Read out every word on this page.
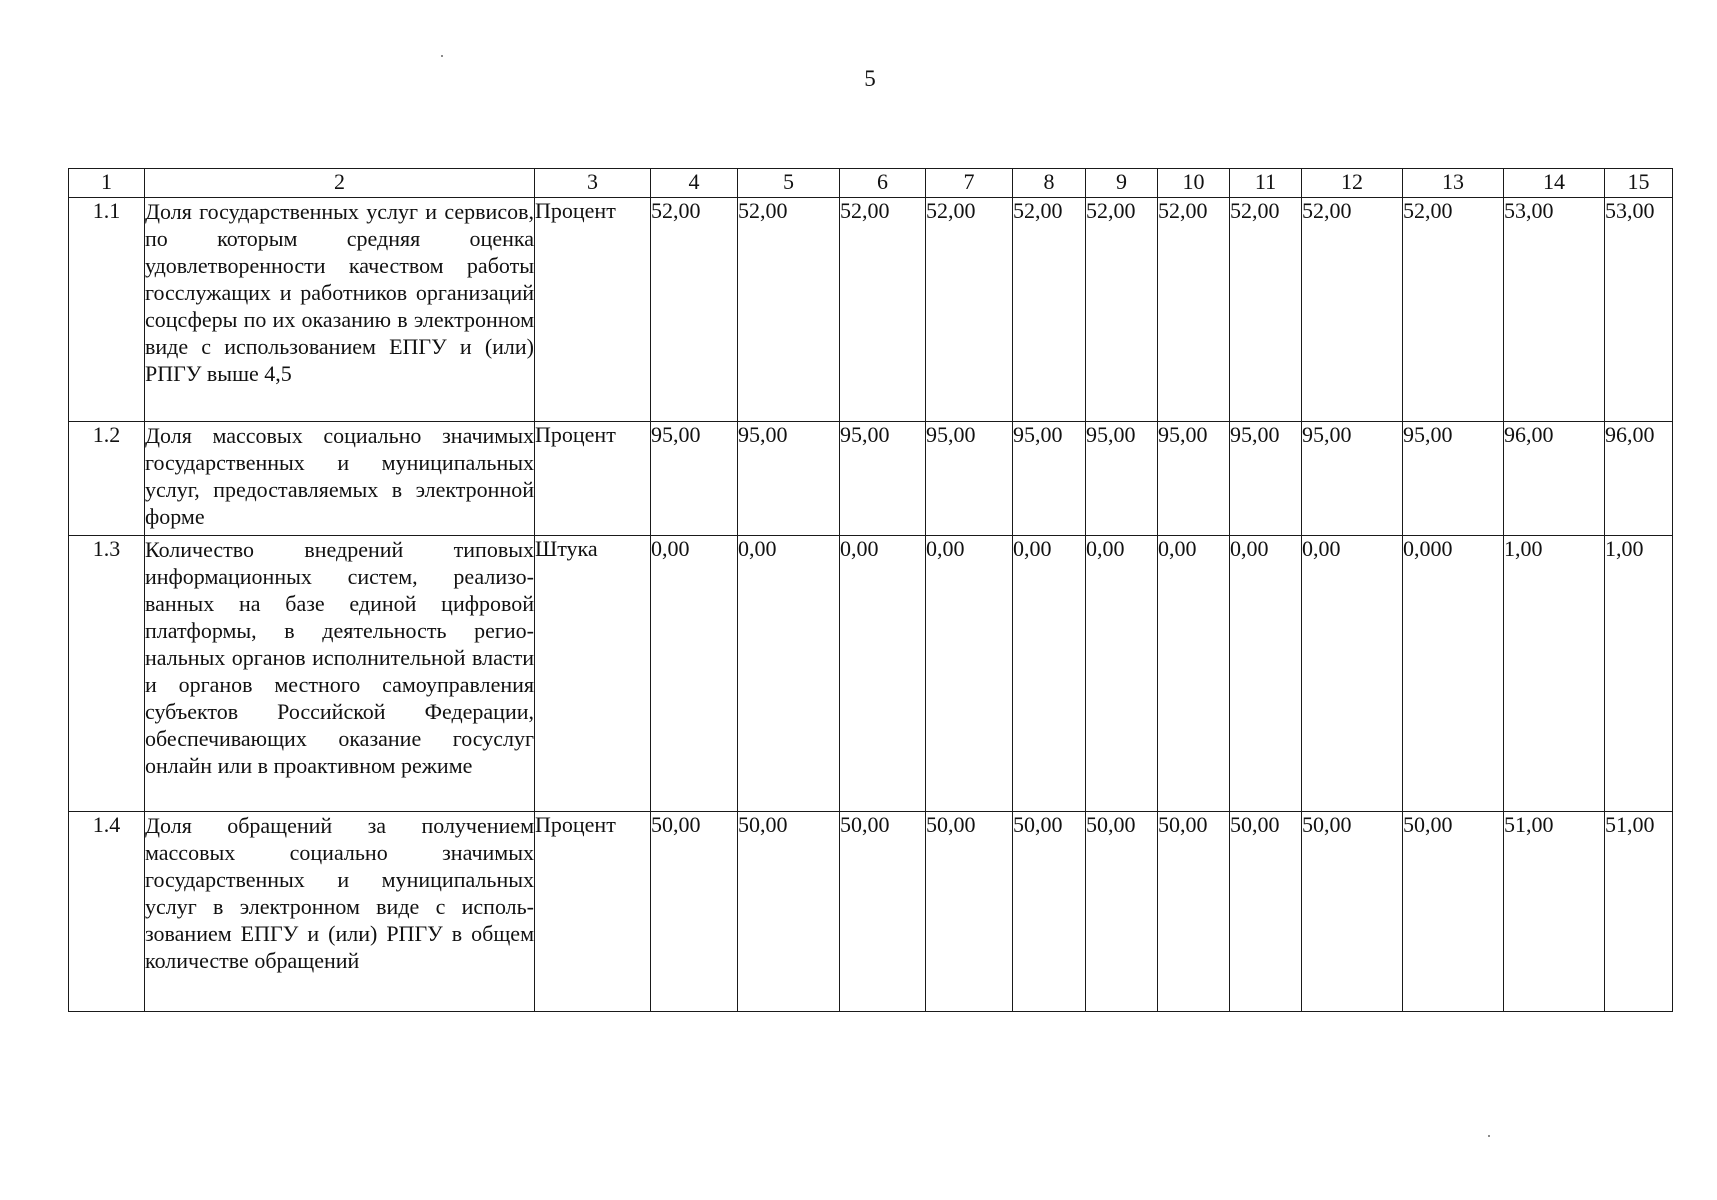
5
1	2	3	4	5	6	7	8	9	10	11	12	13	14	15
1.1	Доля государственных услуг и сервисов, по которым средняя оценка удовлетворенности качеством работы госслужащих и работников организаций соцсферы по их оказанию в электронном виде с использованием ЕПГУ и (или) РПГУ выше 4,5	Процент	52,00	52,00	52,00	52,00	52,00	52,00	52,00	52,00	52,00	52,00	53,00	53,00
1.2	Доля массовых социально значимых государственных и муниципальных услуг, предоставляемых в электронной форме	Процент	95,00	95,00	95,00	95,00	95,00	95,00	95,00	95,00	95,00	95,00	96,00	96,00
1.3	Количество внедрений типовых информационных систем, реализованных на базе единой цифровой платформы, в деятельность региональных органов исполнительной власти и органов местного самоуправления субъектов Российской Федерации, обеспечивающих оказание госуслуг онлайн или в проактивном режиме	Штука	0,00	0,00	0,00	0,00	0,00	0,00	0,00	0,00	0,00	0,000	1,00	1,00
1.4	Доля обращений за получением массовых социально значимых государственных и муниципальных услуг в электронном виде с использованием ЕПГУ и (или) РПГУ в общем количестве обращений	Процент	50,00	50,00	50,00	50,00	50,00	50,00	50,00	50,00	50,00	50,00	51,00	51,00
